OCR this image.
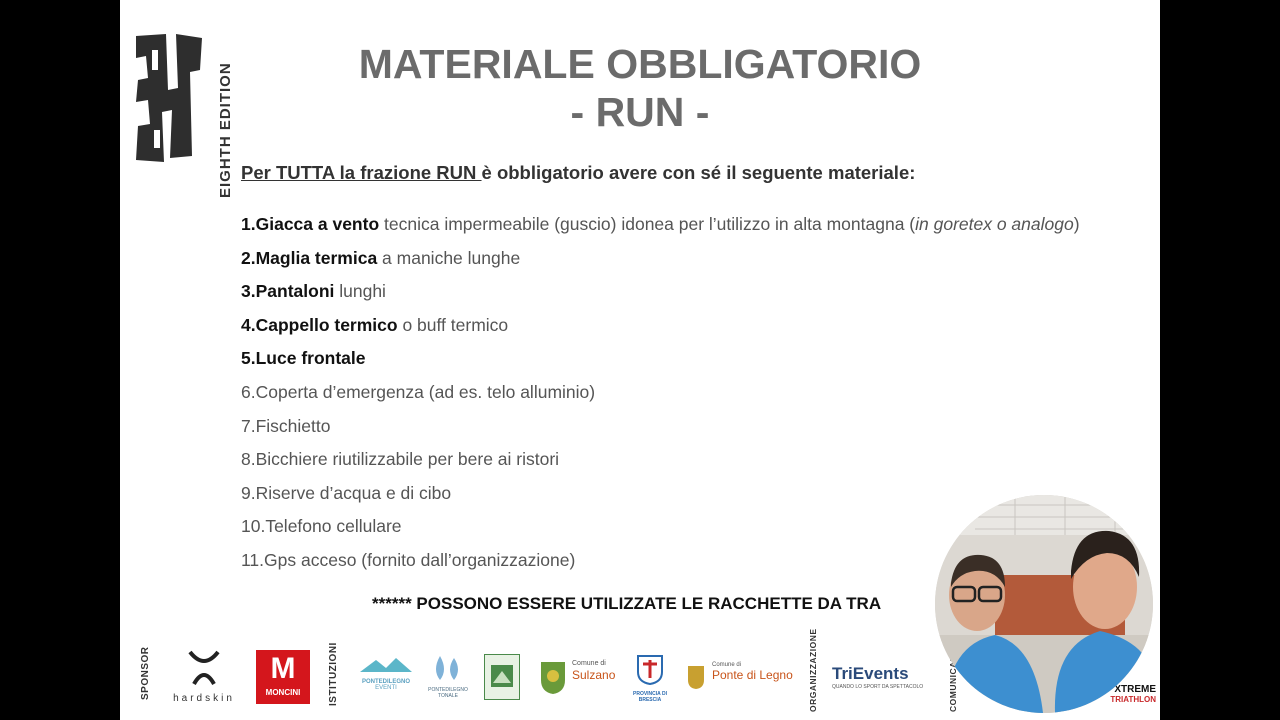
EIGHTH EDITION	MATERIALE OBBLIGATORIO
- RUN -
Per TUTTA la frazione RUN è obbligatorio avere con sé il seguente materiale:
1.Giacca a vento tecnica impermeabile (guscio) idonea per l’utilizzo in alta montagna (in goretex o analogo)
2.Maglia termica a maniche lunghe
3.Pantaloni lunghi
4.Cappello termico o buff termico
5.Luce frontale
6.Coperta d’emergenza (ad es. telo alluminio)
7.Fischietto
8.Bicchiere riutilizzabile per bere ai ristori
9.Riserve d’acqua e di cibo
10.Telefono cellulare
11.Gps acceso (fornito dall’organizzazione)
****** POSSONO ESSERE UTILIZZATE LE RACCHETTE DA TRA
SPONSOR	hardskin
M
MONCINI	ISTITUZIONI	PONTEDILEGNO
EVENTI	PONTEDILEGNO TONALE
Comune di
Sulzano
PROVINCIA DI BRESCIA
Comune di
Ponte di Legno ORGANIZZAZIONE TriEvents
QUANDO LO SPORT DA SPETTACOLO	COMUNICAZ	XTREME
TRIATHLON
